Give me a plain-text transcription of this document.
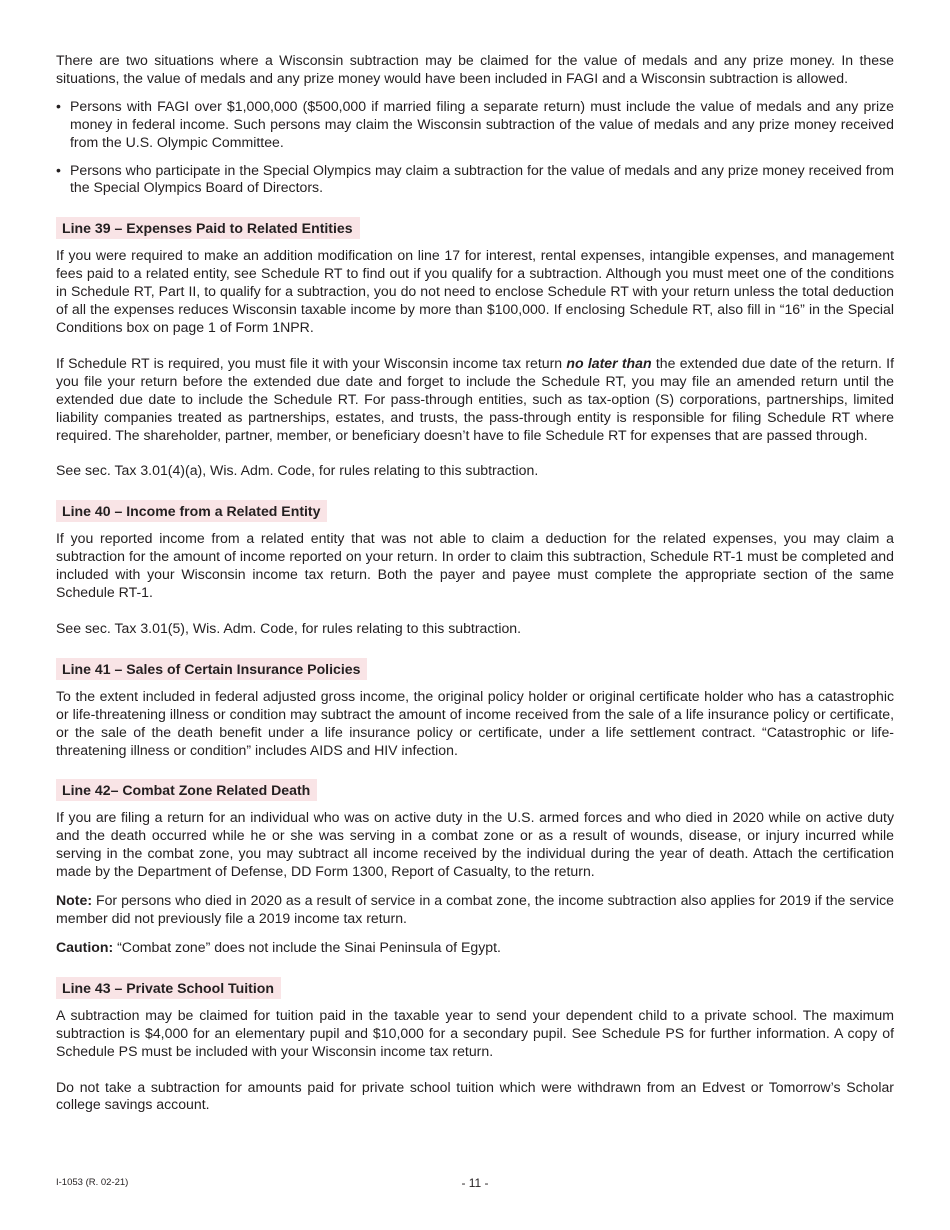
There are two situations where a Wisconsin subtraction may be claimed for the value of medals and any prize money. In these situations, the value of medals and any prize money would have been included in FAGI and a Wisconsin subtraction is allowed.

• Persons with FAGI over $1,000,000 ($500,000 if married filing a separate return) must include the value of medals and any prize money in federal income. Such persons may claim the Wisconsin subtraction of the value of medals and any prize money received from the U.S. Olympic Committee.
• Persons who participate in the Special Olympics may claim a subtraction for the value of medals and any prize money received from the Special Olympics Board of Directors.
Line 39 – Expenses Paid to Related Entities

If you were required to make an addition modification on line 17 for interest, rental expenses, intangible expenses, and management fees paid to a related entity, see Schedule RT to find out if you qualify for a subtraction. Although you must meet one of the conditions in Schedule RT, Part II, to qualify for a subtraction, you do not need to enclose Schedule RT with your return unless the total deduction of all the expenses reduces Wisconsin taxable income by more than $100,000. If enclosing Schedule RT, also fill in “16” in the Special Conditions box on page 1 of Form 1NPR.

If Schedule RT is required, you must file it with your Wisconsin income tax return no later than the extended due date of the return. If you file your return before the extended due date and forget to include the Schedule RT, you may file an amended return until the extended due date to include the Schedule RT. For pass-through entities, such as tax-option (S) corporations, partnerships, limited liability companies treated as partnerships, estates, and trusts, the pass-through entity is responsible for filing Schedule RT where required. The shareholder, partner, member, or beneficiary doesn’t have to file Schedule RT for expenses that are passed through.

See sec. Tax 3.01(4)(a), Wis. Adm. Code, for rules relating to this subtraction.

Line 40 – Income from a Related Entity

If you reported income from a related entity that was not able to claim a deduction for the related expenses, you may claim a subtraction for the amount of income reported on your return. In order to claim this subtraction, Schedule RT-1 must be completed and included with your Wisconsin income tax return. Both the payer and payee must complete the appropriate section of the same Schedule RT-1.

See sec. Tax 3.01(5), Wis. Adm. Code, for rules relating to this subtraction.

Line 41 – Sales of Certain Insurance Policies

To the extent included in federal adjusted gross income, the original policy holder or original certificate holder who has a catastrophic or life-threatening illness or condition may subtract the amount of income received from the sale of a life insurance policy or certificate, or the sale of the death benefit under a life insurance policy or certificate, under a life settlement contract. “Catastrophic or life-threatening illness or condition” includes AIDS and HIV infection.

Line 42– Combat Zone Related Death

If you are filing a return for an individual who was on active duty in the U.S. armed forces and who died in 2020 while on active duty and the death occurred while he or she was serving in a combat zone or as a result of wounds, disease, or injury incurred while serving in the combat zone, you may subtract all income received by the individual during the year of death. Attach the certification made by the Department of Defense, DD Form 1300, Report of Casualty, to the return.

Note: For persons who died in 2020 as a result of service in a combat zone, the income subtraction also applies for 2019 if the service member did not previously file a 2019 income tax return.

Caution: “Combat zone” does not include the Sinai Peninsula of Egypt.

Line 43 – Private School Tuition

A subtraction may be claimed for tuition paid in the taxable year to send your dependent child to a private school. The maximum subtraction is $4,000 for an elementary pupil and $10,000 for a secondary pupil. See Schedule PS for further information. A copy of Schedule PS must be included with your Wisconsin income tax return.

Do not take a subtraction for amounts paid for private school tuition which were withdrawn from an Edvest or Tomorrow’s Scholar college savings account.

I-1053 (R. 02-21)	- 11 -
